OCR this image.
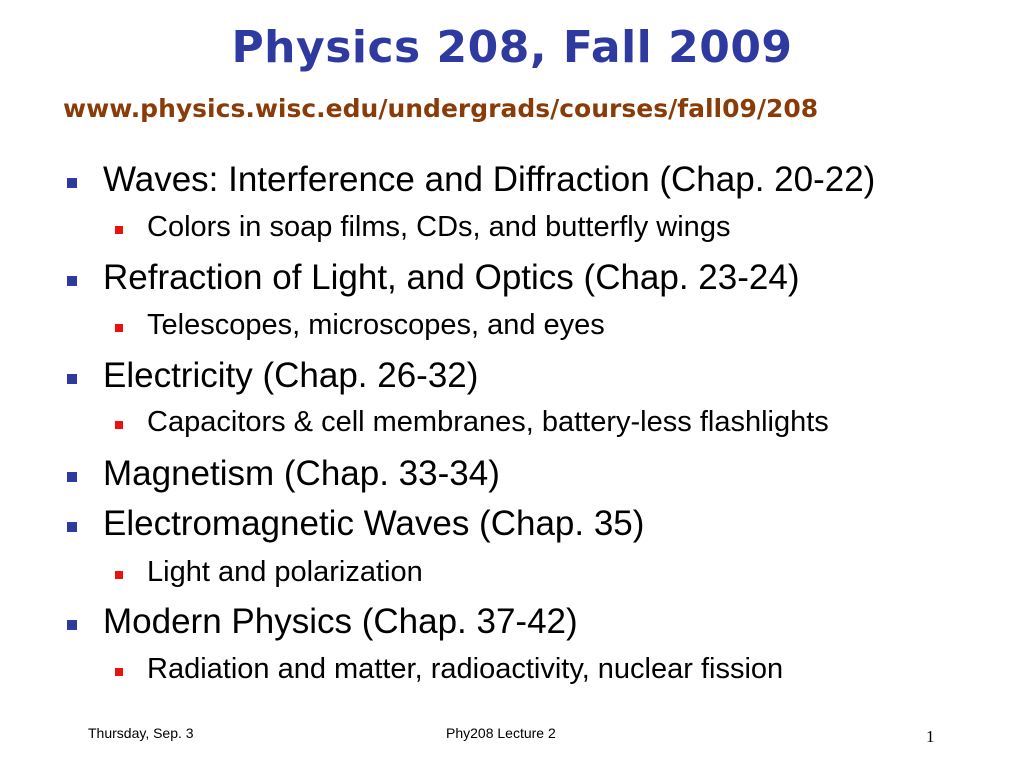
Physics 208, Fall 2009
www.physics.wisc.edu/undergrads/courses/fall09/208
Waves: Interference and Diffraction (Chap. 20-22)
Colors in soap films, CDs, and butterfly wings
Refraction of Light, and Optics (Chap. 23-24)
Telescopes, microscopes, and eyes
Electricity (Chap. 26-32)
Capacitors & cell membranes, battery-less flashlights
Magnetism (Chap. 33-34)
Electromagnetic Waves (Chap. 35)
Light and polarization
Modern Physics (Chap. 37-42)
Radiation and matter, radioactivity, nuclear fission
Thursday, Sep. 3	Phy208 Lecture 2	1
